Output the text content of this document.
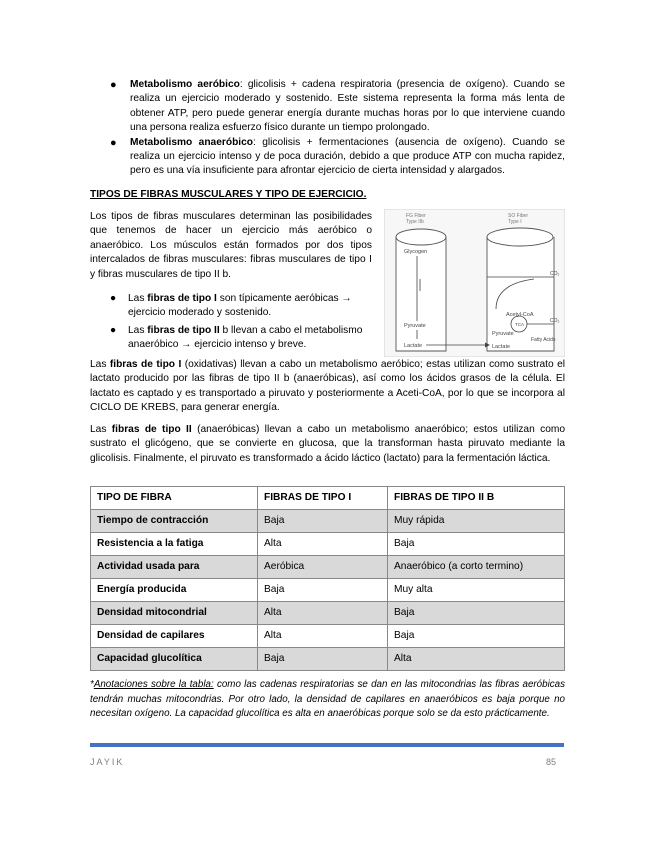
● Metabolismo aeróbico: glicolisis + cadena respiratoria (presencia de oxígeno). Cuando se realiza un ejercicio moderado y sostenido. Este sistema representa la forma más lenta de obtener ATP, pero puede generar energía durante muchas horas por lo que interviene cuando una persona realiza esfuerzo físico durante un tiempo prolongado.
● Metabolismo anaeróbico: glicolisis + fermentaciones (ausencia de oxígeno). Cuando se realiza un ejercicio intenso y de poca duración, debido a que produce ATP con mucha rapidez, pero es una vía insuficiente para afrontar ejercicio de cierta intensidad y alargados.
TIPOS DE FIBRAS MUSCULARES Y TIPO DE EJERCICIO.
Los tipos de fibras musculares determinan las posibilidades que tenemos de hacer un ejercicio más aeróbico o anaeróbico. Los músculos están formados por dos tipos intercalados de fibras musculares: fibras musculares de tipo I y fibras musculares de tipo II b.
● Las fibras de tipo I son típicamente aeróbicas → ejercicio moderado y sostenido.
● Las fibras de tipo II b llevan a cabo el metabolismo anaeróbico → ejercicio intenso y breve.
FG Fiber
Type IIb
SO Fiber
Type I
Glycogen
Pyruvate
Lactate
CO₂
Acetyl-CoA
TCA
CO₂
Pyruvate
Lactate
Fatty Acids
Las fibras de tipo I (oxidativas) llevan a cabo un metabolismo aeróbico; estas utilizan como sustrato el lactato producido por las fibras de tipo II b (anaeróbicas), así como los ácidos grasos de la célula. El lactato es captado y es transportado a piruvato y posteriormente a Aceti-CoA, por lo que se incorpora al CICLO DE KREBS, para generar energía.
Las fibras de tipo II (anaeróbicas) llevan a cabo un metabolismo anaeróbico; estos utilizan como sustrato el glicógeno, que se convierte en glucosa, que la transforman hasta piruvato mediante la glicolisis. Finalmente, el piruvato es transformado a ácido láctico (lactato) para la fermentación láctica.
TIPO DE FIBRA	FIBRAS DE TIPO I	FIBRAS DE TIPO II B
Tiempo de contracción	Baja	Muy rápida
Resistencia a la fatiga	Alta	Baja
Actividad usada para	Aeróbica	Anaeróbico (a corto termino)
Energía producida	Baja	Muy alta
Densidad mitocondrial	Alta	Baja
Densidad de capilares	Alta	Baja
Capacidad glucolítica	Baja	Alta
*Anotaciones sobre la tabla: como las cadenas respiratorias se dan en las mitocondrias las fibras aeróbicas tendrán muchas mitocondrias. Por otro lado, la densidad de capilares en anaeróbicos es baja porque no necesitan oxígeno. La capacidad glucolítica es alta en anaeróbicas porque solo se da esto prácticamente.
JAYIK	85
